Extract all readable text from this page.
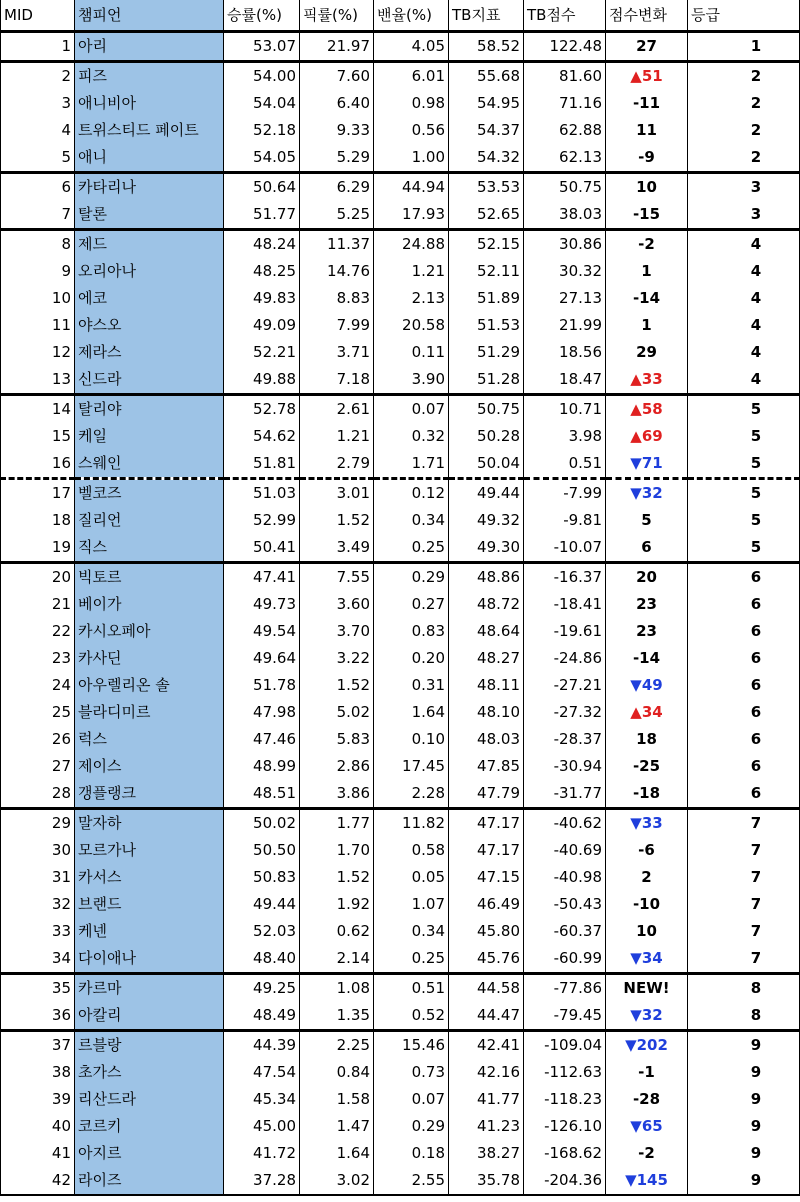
MID	챔피언	승률(%)	픽률(%)	밴율(%)	TB지표	TB점수	점수변화	등급
1	아리	53.07	21.97	4.05	58.52	122.48	27	1
2	피즈	54.00	7.60	6.01	55.68	81.60	▲51	2
3	애니비아	54.04	6.40	0.98	54.95	71.16	-11	2
4	트위스티드 페이트	52.18	9.33	0.56	54.37	62.88	11	2
5	애니	54.05	5.29	1.00	54.32	62.13	-9	2
6	카타리나	50.64	6.29	44.94	53.53	50.75	10	3
7	탈론	51.77	5.25	17.93	52.65	38.03	-15	3
8	제드	48.24	11.37	24.88	52.15	30.86	-2	4
9	오리아나	48.25	14.76	1.21	52.11	30.32	1	4
10	에코	49.83	8.83	2.13	51.89	27.13	-14	4
11	야스오	49.09	7.99	20.58	51.53	21.99	1	4
12	제라스	52.21	3.71	0.11	51.29	18.56	29	4
13	신드라	49.88	7.18	3.90	51.28	18.47	▲33	4
14	탈리야	52.78	2.61	0.07	50.75	10.71	▲58	5
15	케일	54.62	1.21	0.32	50.28	3.98	▲69	5
16	스웨인	51.81	2.79	1.71	50.04	0.51	▼71	5
17	벨코즈	51.03	3.01	0.12	49.44	-7.99	▼32	5
18	질리언	52.99	1.52	0.34	49.32	-9.81	5	5
19	직스	50.41	3.49	0.25	49.30	-10.07	6	5
20	빅토르	47.41	7.55	0.29	48.86	-16.37	20	6
21	베이가	49.73	3.60	0.27	48.72	-18.41	23	6
22	카시오페아	49.54	3.70	0.83	48.64	-19.61	23	6
23	카사딘	49.64	3.22	0.20	48.27	-24.86	-14	6
24	아우렐리온 솔	51.78	1.52	0.31	48.11	-27.21	▼49	6
25	블라디미르	47.98	5.02	1.64	48.10	-27.32	▲34	6
26	럭스	47.46	5.83	0.10	48.03	-28.37	18	6
27	제이스	48.99	2.86	17.45	47.85	-30.94	-25	6
28	갱플랭크	48.51	3.86	2.28	47.79	-31.77	-18	6
29	말자하	50.02	1.77	11.82	47.17	-40.62	▼33	7
30	모르가나	50.50	1.70	0.58	47.17	-40.69	-6	7
31	카서스	50.83	1.52	0.05	47.15	-40.98	2	7
32	브랜드	49.44	1.92	1.07	46.49	-50.43	-10	7
33	케넨	52.03	0.62	0.34	45.80	-60.37	10	7
34	다이애나	48.40	2.14	0.25	45.76	-60.99	▼34	7
35	카르마	49.25	1.08	0.51	44.58	-77.86	NEW!	8
36	아칼리	48.49	1.35	0.52	44.47	-79.45	▼32	8
37	르블랑	44.39	2.25	15.46	42.41	-109.04	▼202	9
38	초가스	47.54	0.84	0.73	42.16	-112.63	-1	9
39	리산드라	45.34	1.58	0.07	41.77	-118.23	-28	9
40	코르키	45.00	1.47	0.29	41.23	-126.10	▼65	9
41	아지르	41.72	1.64	0.18	38.27	-168.62	-2	9
42	라이즈	37.28	3.02	2.55	35.78	-204.36	▼145	9
